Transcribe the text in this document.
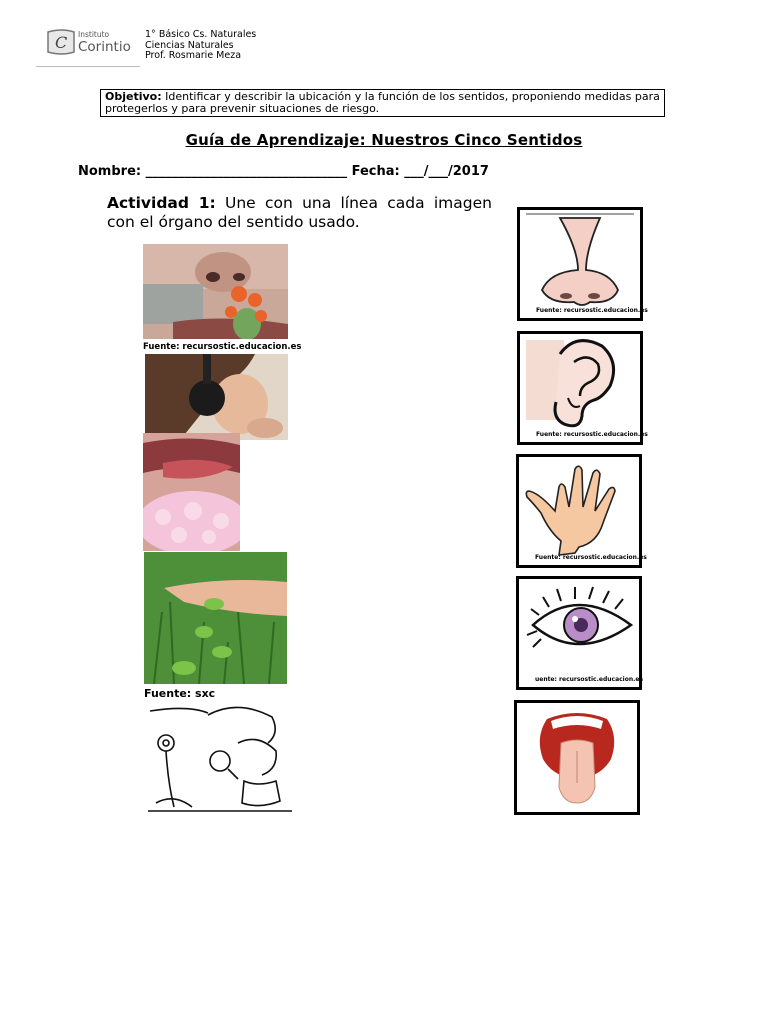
C Instituto
Corintio
1° Básico Cs. Naturales
Ciencias Naturales
Prof. Rosmarie Meza
Objetivo: Identificar y describir la ubicación y la función de los sentidos, proponiendo medidas para protegerlos y para prevenir situaciones de riesgo.
Guía de Aprendizaje: Nuestros Cinco Sentidos
Nombre: _______________________________ Fecha: ___/___/2017
Actividad 1: Une con una línea cada imagen con el órgano del sentido usado.
Fuente: recursostic.educacion.es
Fuente: sxc
Fuente: recursostic.educacion.es
Fuente: recursostic.educacion.es
Fuente: recursostic.educacion.es
uente: recursostic.educacion.es
